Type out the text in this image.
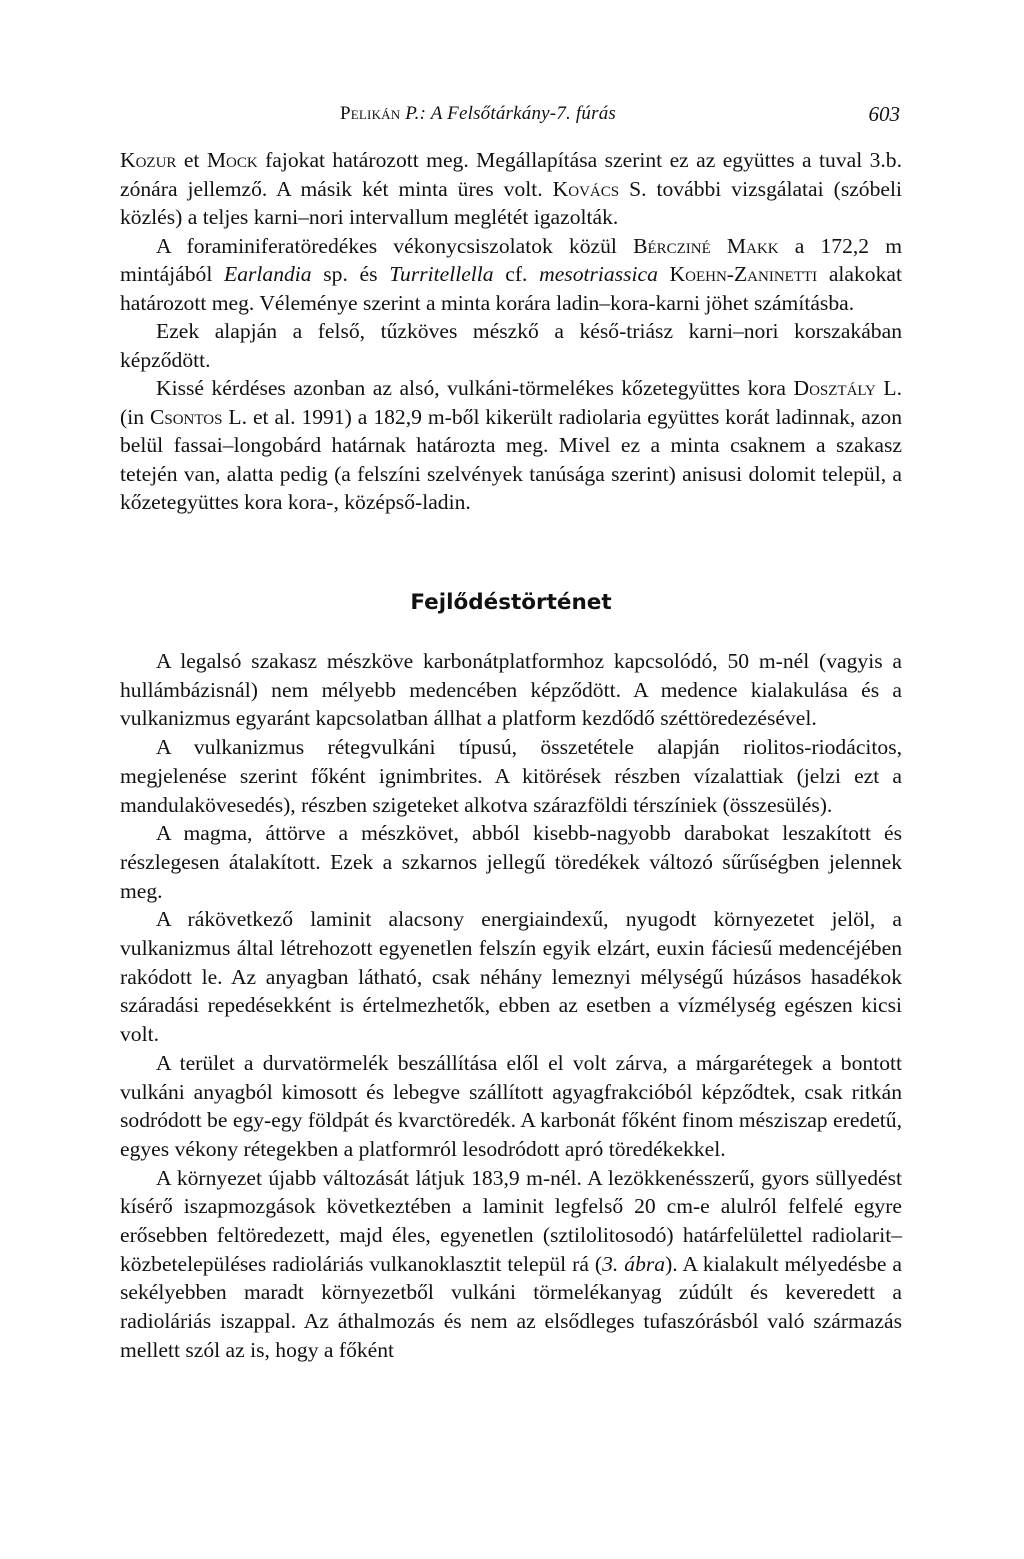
Pelikán P.: A Felsőtárkány-7. fúrás	603

Kozur et Mock fajokat határozott meg. Megállapítása szerint ez az együttes a tuval 3.b. zónára jellemző. A másik két minta üres volt. Kovács S. további vizsgálatai (szóbeli közlés) a teljes karni–nori intervallum meglétét igazolták.

A foraminiferatöredékes vékonycsiszolatok közül Bércziné Makk a 172,2 m mintájából Earlandia sp. és Turritellella cf. mesotriassica Koehn-Zaninetti alakokat határozott meg. Véleménye szerint a minta korára ladin–kora-karni jöhet számításba.

Ezek alapján a felső, tűzköves mészkő a késő-triász karni–nori korszakában képződött.

Kissé kérdéses azonban az alsó, vulkáni-törmelékes kőzetegyüttes kora Dosztály L. (in Csontos L. et al. 1991) a 182,9 m-ből kikerült radiolaria együttes korát ladinnak, azon belül fassai–longobárd határnak határozta meg. Mivel ez a minta csaknem a szakasz tetején van, alatta pedig (a felszíni szelvények tanúsága szerint) anisusi dolomit települ, a kőzetegyüttes kora kora-, középső-ladin.

Fejlődéstörténet

A legalsó szakasz mészköve karbonátplatformhoz kapcsolódó, 50 m-nél (vagyis a hullámbázisnál) nem mélyebb medencében képződött. A medence kialakulása és a vulkanizmus egyaránt kapcsolatban állhat a platform kezdődő széttöredezésével.

A vulkanizmus rétegvulkáni típusú, összetétele alapján riolitos-riodácitos, megjelenése szerint főként ignimbrites. A kitörések részben vízalattiak (jelzi ezt a mandulakövesedés), részben szigeteket alkotva szárazföldi térszíniek (összesülés).

A magma, áttörve a mészkövet, abból kisebb-nagyobb darabokat leszakított és részlegesen átalakított. Ezek a szkarnos jellegű töredékek változó sűrűségben jelennek meg.

A rákövetkező laminit alacsony energiaindexű, nyugodt környezetet jelöl, a vulkanizmus által létrehozott egyenetlen felszín egyik elzárt, euxin fáciesű medencéjében rakódott le. Az anyagban látható, csak néhány lemeznyi mélységű húzásos hasadékok száradási repedésekként is értelmezhetők, ebben az esetben a vízmélység egészen kicsi volt.

A terület a durvatörmelék beszállítása elől el volt zárva, a márgarétegek a bontott vulkáni anyagból kimosott és lebegve szállított agyagfrakcióból képződtek, csak ritkán sodródott be egy-egy földpát és kvarctöredék. A karbonát főként finom mésziszap eredetű, egyes vékony rétegekben a platformról lesodródott apró töredékekkel.

A környezet újabb változását látjuk 183,9 m-nél. A lezökkenésszerű, gyors süllyedést kísérő iszapmozgások következtében a laminit legfelső 20 cm-e alulról felfelé egyre erősebben feltöredezett, majd éles, egyenetlen (sztilolitosodó) határfelülettel radiolarit–közbetelepüléses radioláriás vulkanoklasztit települ rá (3. ábra). A kialakult mélyedésbe a sekélyebben maradt környezetből vulkáni törmelékanyag zúdúlt és keveredett a radioláriás iszappal. Az áthalmozás és nem az elsődleges tufaszórásból való származás mellett szól az is, hogy a főként
